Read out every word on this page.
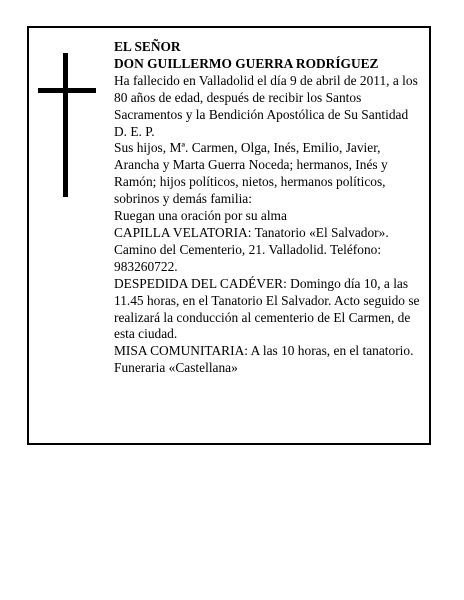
EL SEÑOR
DON GUILLERMO GUERRA RODRÍGUEZ
Ha fallecido en Valladolid el día 9 de abril de 2011, a los 80 años de edad, después de recibir los Santos Sacramentos y la Bendición Apostólica de Su Santidad D. E. P.
Sus hijos, Mª. Carmen, Olga, Inés, Emilio, Javier, Arancha y Marta Guerra Noceda; hermanos, Inés y Ramón; hijos políticos, nietos, hermanos políticos, sobrinos y demás familia:
Ruegan una oración por su alma
CAPILLA VELATORIA: Tanatorio «El Salvador». Camino del Cementerio, 21. Valladolid. Teléfono: 983260722.
DESPEDIDA DEL CADÉVER: Domingo día 10, a las 11.45 horas, en el Tanatorio El Salvador. Acto seguido se realizará la conducción al cementerio de El Carmen, de esta ciudad.
MISA COMUNITARIA: A las 10 horas, en el tanatorio.
Funeraria «Castellana»
